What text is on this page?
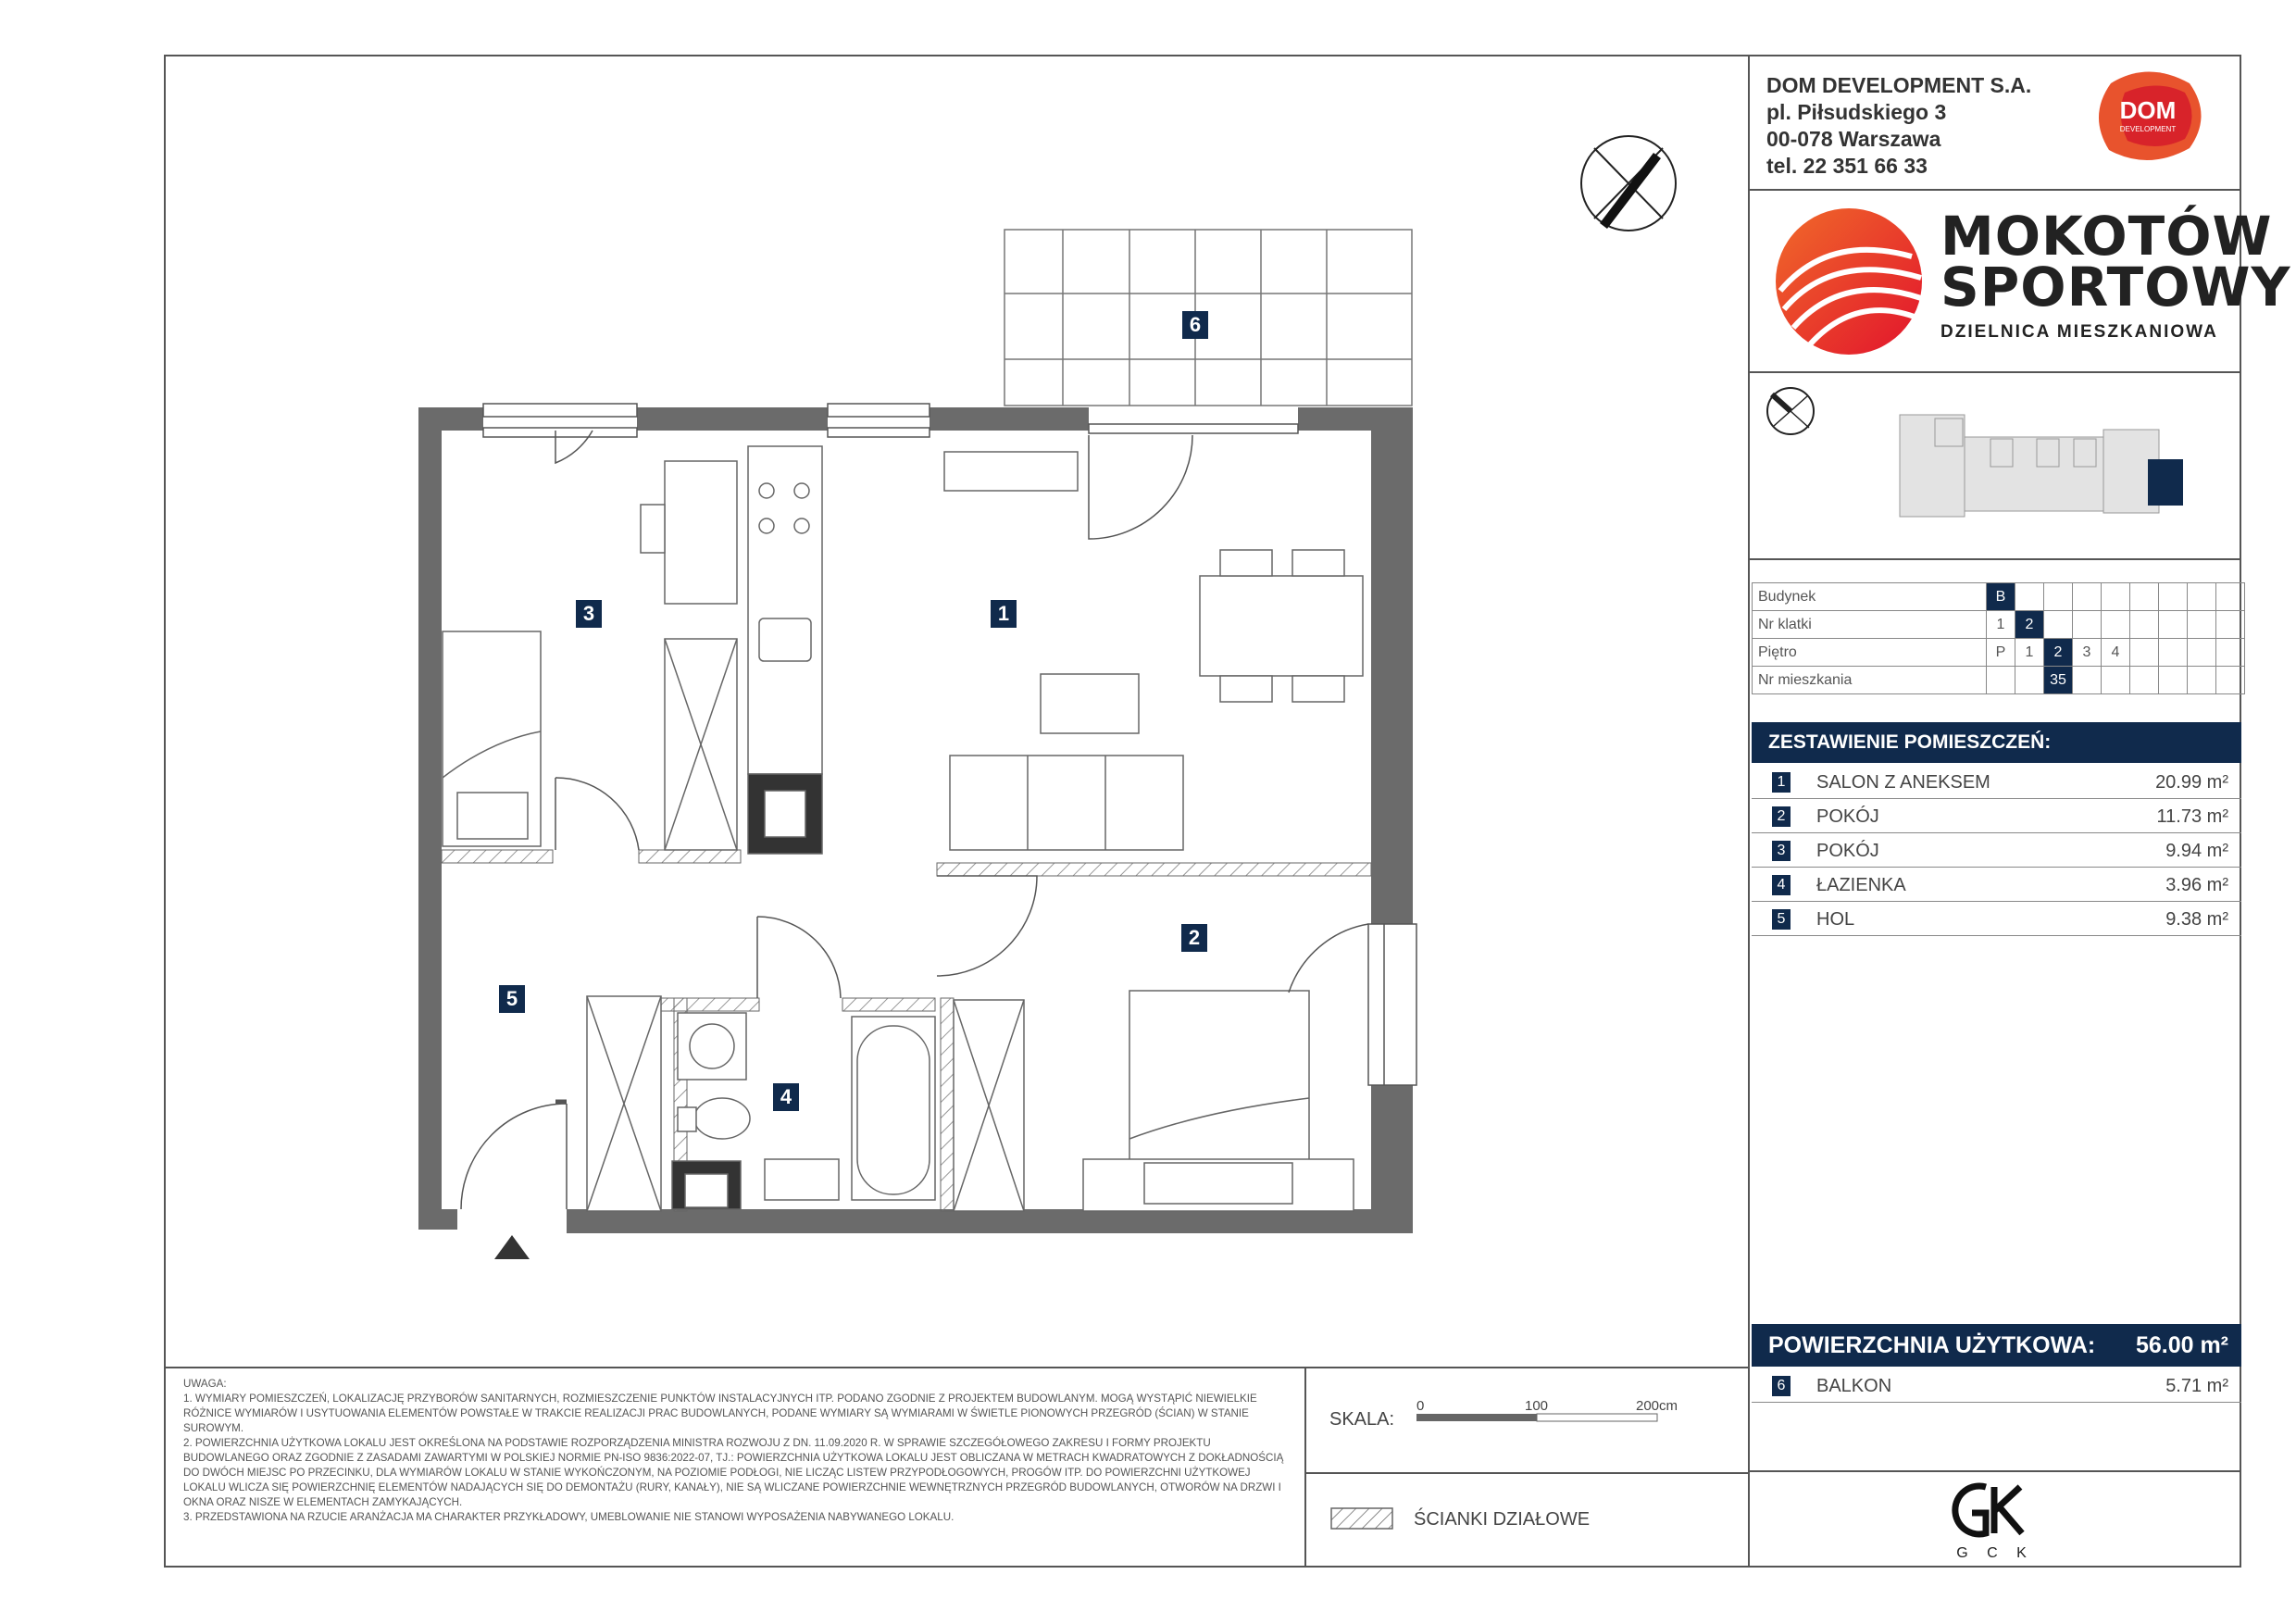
DOM DEVELOPMENT S.A.
pl. Piłsudskiego 3
00-078 Warszawa
tel. 22 351 66 33
DOM
DEVELOPMENT
MOKOTÓW
SPORTOWY
DZIELNICA MIESZKANIOWA
Budynek	B								
Nr klatki	1	2							
Piętro	P	1	2	3	4				
Nr mieszkania			35						
ZESTAWIENIE POMIESZCZEŃ:
1 SALON Z ANEKSEM	20.99 m²
2 POKÓJ	11.73 m²
3 POKÓJ	9.94 m²
4 ŁAZIENKA	3.96 m²
5 HOL	9.38 m²
POWIERZCHNIA UŻYTKOWA: 56.00 m²
6 BALKON	5.71 m²
G C K

UWAGA:

1. WYMIARY POMIESZCZEŃ, LOKALIZACJĘ PRZYBORÓW SANITARNYCH, ROZMIESZCZENIE PUNKTÓW INSTALACYJNYCH ITP. PODANO ZGODNIE Z PROJEKTEM BUDOWLANYM. MOGĄ WYSTĄPIĆ NIEWIELKIE RÓŻNICE WYMIARÓW I USYTUOWANIA ELEMENTÓW POWSTAŁE W TRAKCIE REALIZACJI PRAC BUDOWLANYCH, PODANE WYMIARY SĄ WYMIARAMI W ŚWIETLE PIONOWYCH PRZEGRÓD (ŚCIAN) W STANIE SUROWYM.

2. POWIERZCHNIA UŻYTKOWA LOKALU JEST OKREŚLONA NA PODSTAWIE ROZPORZĄDZENIA MINISTRA ROZWOJU Z DN. 11.09.2020 R. W SPRAWIE SZCZEGÓŁOWEGO ZAKRESU I FORMY PROJEKTU BUDOWLANEGO ORAZ ZGODNIE Z ZASADAMI ZAWARTYMI W POLSKIEJ NORMIE PN-ISO 9836:2022-07, TJ.: POWIERZCHNIA UŻYTKOWA LOKALU JEST OBLICZANA W METRACH KWADRATOWYCH Z DOKŁADNOŚCIĄ DO DWÓCH MIEJSC PO PRZECINKU, DLA WYMIARÓW LOKALU W STANIE WYKOŃCZONYM, NA POZIOMIE PODŁOGI, NIE LICZĄC LISTEW PRZYPODŁOGOWYCH, PROGÓW ITP. DO POWIERZCHNI UŻYTKOWEJ LOKALU WLICZA SIĘ POWIERZCHNIĘ ELEMENTÓW NADAJĄCYCH SIĘ DO DEMONTAŻU (RURY, KANAŁY), NIE SĄ WLICZANE POWIERZCHNIE WEWNĘTRZNYCH PRZEGRÓD BUDOWLANYCH, OTWORÓW NA DRZWI I OKNA ORAZ NISZE W ELEMENTACH ZAMYKAJĄCYCH.

3. PRZEDSTAWIONA NA RZUCIE ARANŻACJA MA CHARAKTER PRZYKŁADOWY, UMEBLOWANIE NIE STANOWI WYPOSAŻENIA NABYWANEGO LOKALU.

SKALA:
0	100	200cm
ŚCIANKI DZIAŁOWE
6
1
2
3
4
5
